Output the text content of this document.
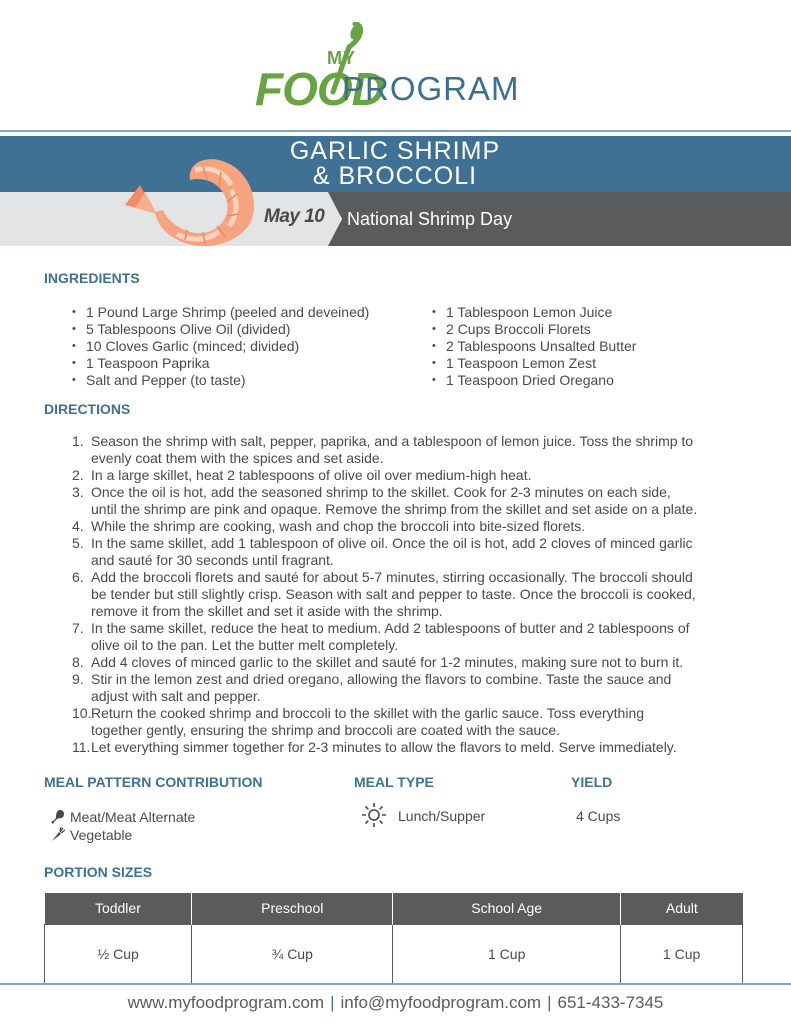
MY
FOOD
PROGRAM
GARLIC SHRIMP
& BROCCOLI
May 10 National Shrimp Day
INGREDIENTS
• 1 Pound Large Shrimp (peeled and deveined)
• 5 Tablespoons Olive Oil (divided)
• 10 Cloves Garlic (minced; divided)
• 1 Teaspoon Paprika
• Salt and Pepper (to taste)
• 1 Tablespoon Lemon Juice
• 2 Cups Broccoli Florets
• 2 Tablespoons Unsalted Butter
• 1 Teaspoon Lemon Zest
• 1 Teaspoon Dried Oregano
DIRECTIONS
1. Season the shrimp with salt, pepper, paprika, and a tablespoon of lemon juice. Toss the shrimp to
evenly coat them with the spices and set aside.
2. In a large skillet, heat 2 tablespoons of olive oil over medium-high heat.
3. Once the oil is hot, add the seasoned shrimp to the skillet. Cook for 2-3 minutes on each side,
until the shrimp are pink and opaque. Remove the shrimp from the skillet and set aside on a plate.
4. While the shrimp are cooking, wash and chop the broccoli into bite-sized florets.
5. In the same skillet, add 1 tablespoon of olive oil. Once the oil is hot, add 2 cloves of minced garlic
and sauté for 30 seconds until fragrant.
6. Add the broccoli florets and sauté for about 5-7 minutes, stirring occasionally. The broccoli should
be tender but still slightly crisp. Season with salt and pepper to taste. Once the broccoli is cooked,
remove it from the skillet and set it aside with the shrimp.
7. In the same skillet, reduce the heat to medium. Add 2 tablespoons of butter and 2 tablespoons of
olive oil to the pan. Let the butter melt completely.
8. Add 4 cloves of minced garlic to the skillet and sauté for 1-2 minutes, making sure not to burn it.
9. Stir in the lemon zest and dried oregano, allowing the flavors to combine. Taste the sauce and
adjust with salt and pepper.
10. Return the cooked shrimp and broccoli to the skillet with the garlic sauce. Toss everything
together gently, ensuring the shrimp and broccoli are coated with the sauce.
11. Let everything simmer together for 2-3 minutes to allow the flavors to meld. Serve immediately.
MEAL PATTERN CONTRIBUTION
Meat/Meat Alternate
Vegetable
MEAL TYPE
Lunch/Supper
YIELD
4 Cups
PORTION SIZES
Toddler	Preschool	School Age	Adult
½ Cup	¾ Cup	1 Cup	1 Cup
www.myfoodprogram.com | info@myfoodprogram.com | 651-433-7345
